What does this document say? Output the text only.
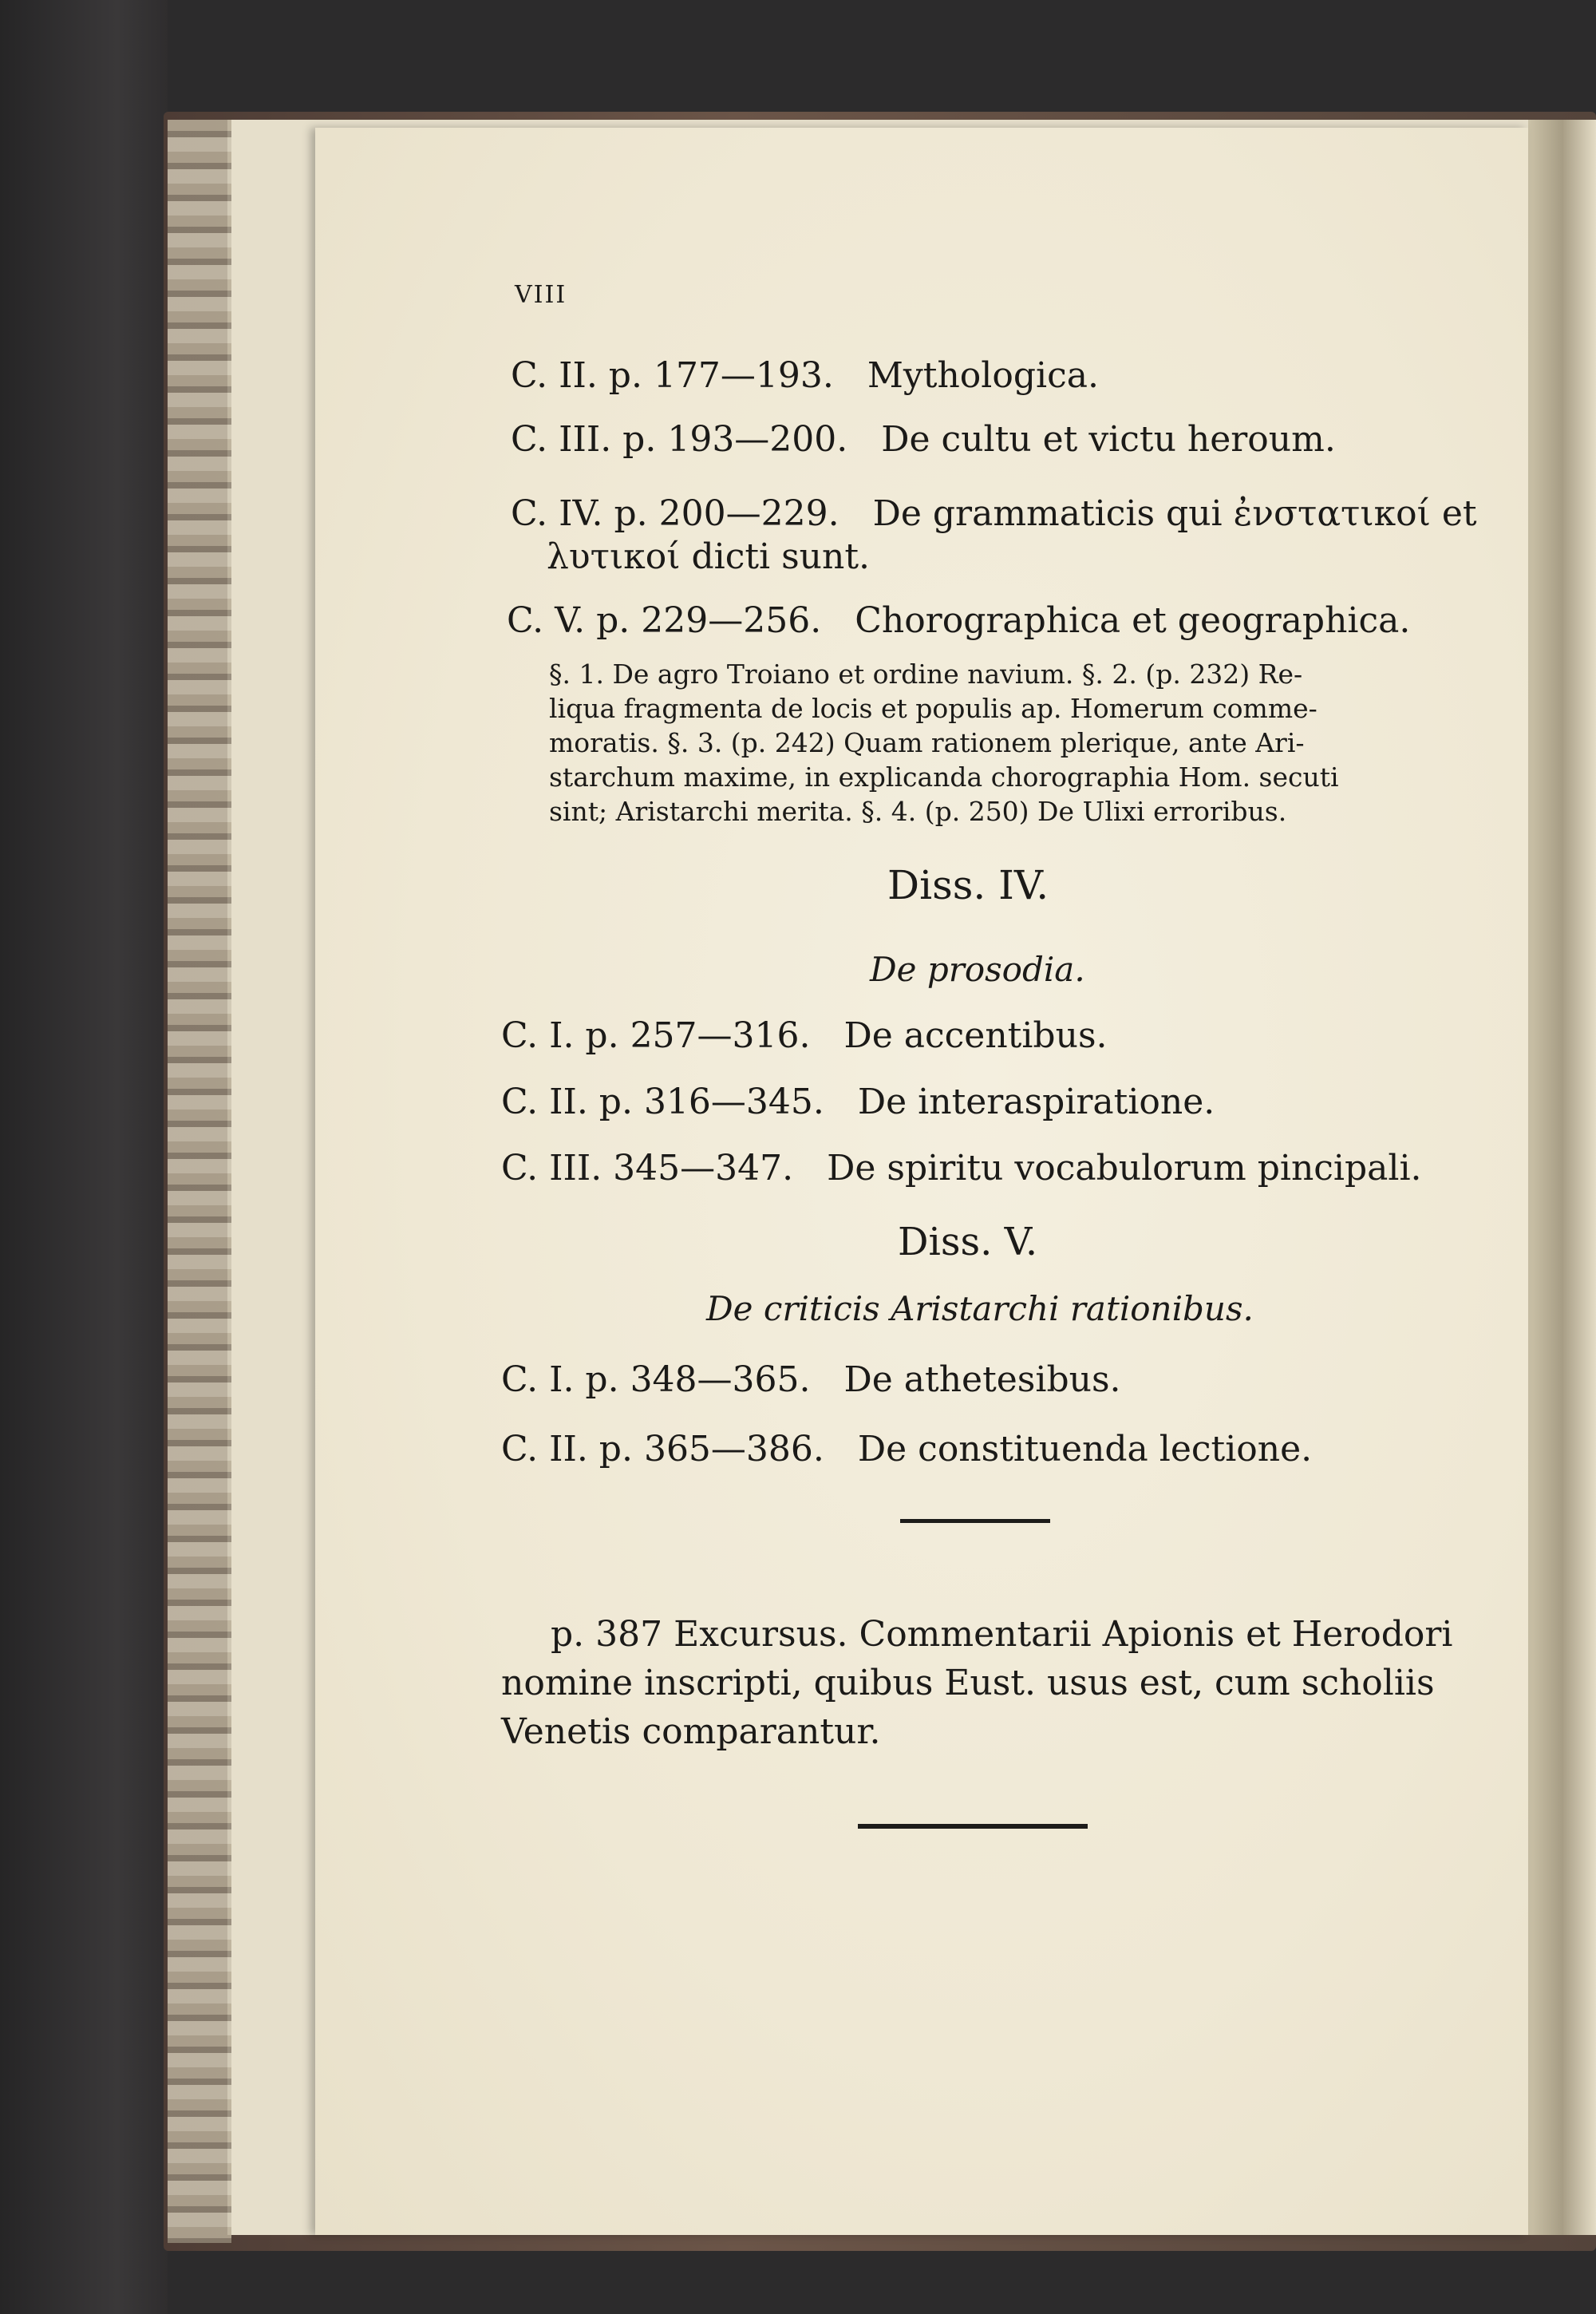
VIII
C. II. p. 177—193. Mythologica.
C. III. p. 193—200. De cultu et victu heroum.
C. IV. p. 200—229. De grammaticis qui ἐνστατικοί et
λυτικοί dicti sunt.
C. V. p. 229—256. Chorographica et geographica.
§. 1. De agro Troiano et ordine navium. §. 2. (p. 232) Re-
liqua fragmenta de locis et populis ap. Homerum comme-
moratis. §. 3. (p. 242) Quam rationem plerique, ante Ari-
starchum maxime, in explicanda chorographia Hom. secuti
sint; Aristarchi merita. §. 4. (p. 250) De Ulixi erroribus.
Diss. IV.
De prosodia.
C. I. p. 257—316. De accentibus.
C. II. p. 316—345. De interaspiratione.
C. III. 345—347. De spiritu vocabulorum pincipali.
Diss. V.
De criticis Aristarchi rationibus.
C. I. p. 348—365. De athetesibus.
C. II. p. 365—386. De constituenda lectione.
p. 387 Excursus. Commentarii Apionis et Herodori
nomine inscripti, quibus Eust. usus est, cum scholiis
Venetis comparantur.
